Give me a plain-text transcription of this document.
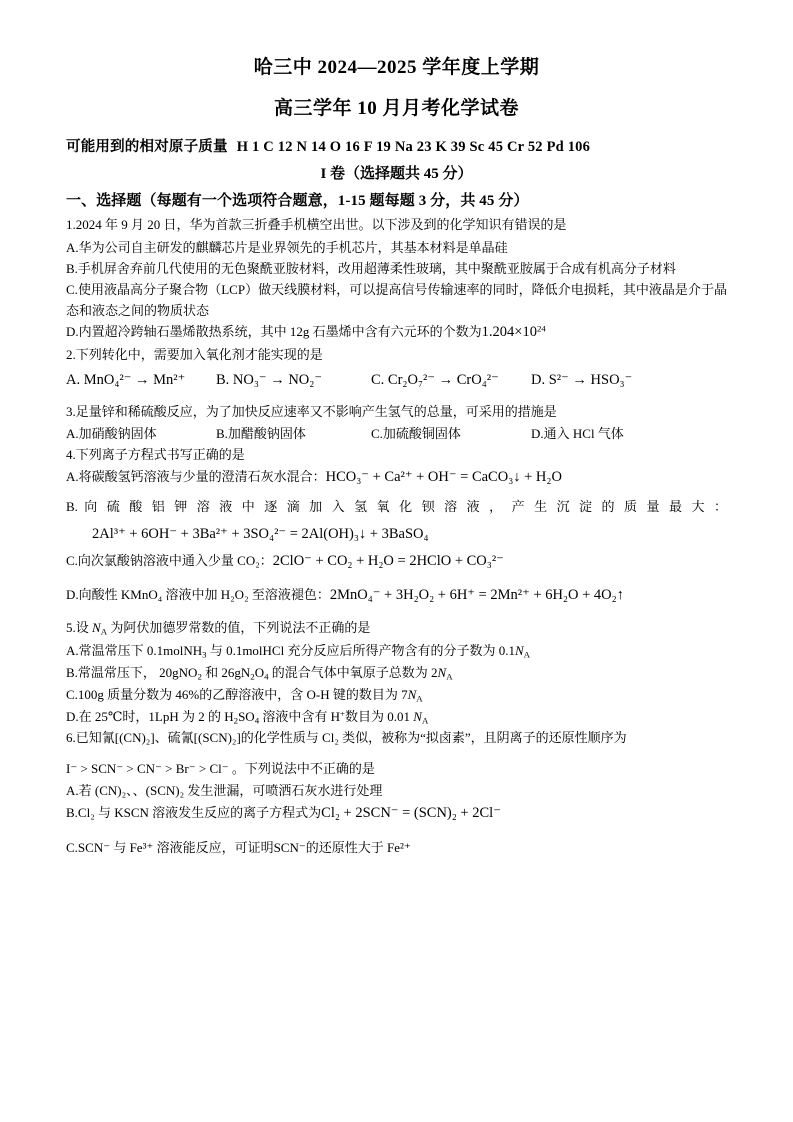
哈三中 2024—2025 学年度上学期
高三学年 10 月月考化学试卷
可能用到的相对原子质量 H 1 C 12 N 14 O 16 F 19 Na 23 K 39 Sc 45 Cr 52 Pd 106
I 卷（选择题共 45 分）
一、选择题（每题有一个选项符合题意，1-15 题每题 3 分，共 45 分）
1.2024 年 9 月 20 日，华为首款三折叠手机横空出世。以下涉及到的化学知识有错误的是
A.华为公司自主研发的麒麟芯片是业界领先的手机芯片，其基本材料是单晶硅
B.手机屏舍弃前几代使用的无色聚酰亚胺材料，改用超薄柔性玻璃，其中聚酰亚胺属于合成有机高分子材料
C.使用液晶高分子聚合物（LCP）做天线膜材料，可以提高信号传输速率的同时，降低介电损耗，其中液晶是介于晶态和液态之间的物质状态
D.内置超冷跨轴石墨烯散热系统，其中 12g 石墨烯中含有六元环的个数为$1.204\times 10^{24}$
2.下列转化中，需要加入氧化剂才能实现的是
A. MnO₄²⁻ → Mn²⁺	B. NO₃⁻ → NO₂⁻	C. Cr₂O₇²⁻ → CrO₄²⁻	D. S²⁻ → HSO₃⁻
3.足量锌和稀硫酸反应，为了加快反应速率又不影响产生氢气的总量，可采用的措施是
A.加硝酸钠固体	B.加醋酸钠固体	C.加硫酸铜固体	D.通入 HCl 气体
4.下列离子方程式书写正确的是
A.将碳酸氢钙溶液与少量的澄清石灰水混合：HCO₃⁻ + Ca²⁺ + OH⁻ = CaCO₃↓ + H₂O
B. 向 硫 酸 铝 钾 溶 液 中 逐 滴 加 入 氢 氧 化 钡 溶 液 ， 产 生 沉 淀 的 质 量 最 大 ：
2Al³⁺ + 6OH⁻ + 3Ba²⁺ + 3SO₄²⁻ = 2Al(OH)₃↓ + 3BaSO₄
C.向次氯酸钠溶液中通入少量 CO₂：2ClO⁻ + CO₂ + H₂O = 2HClO + CO₃²⁻
D.向酸性 KMnO₄ 溶液中加 H₂O₂ 至溶液褪色：2MnO₄⁻ + 3H₂O₂ + 6H⁺ = 2Mn²⁺ + 6H₂O + 4O₂↑
5.设 $N_A$ 为阿伏加德罗常数的值，下列说法不正确的是
A.常温常压下 0.1molNH$_3$ 与 0.1molHCl 充分反应后所得产物含有的分子数为 $0.1N_A$
B.常温常压下， 20gNO$_2$ 和 $26gN_2O_4$ 的混合气体中氧原子总数为 $2N_A$
C.100g 质量分数为 46%的乙醇溶液中，含 O-H 键的数目为 $7N_A$
D.在 25℃时，1LpH 为 2 的 $H_2SO_4$ 溶液中含有 H+数目为 0.01 $N_A$
6.已知氰[(CN)₂]、硫氰[(SCN)₂]的化学性质与 Cl₂ 类似，被称为“拟卤素”，且阴离子的还原性顺序为
I⁻ > SCN⁻ > CN⁻ > Br⁻ > Cl⁻ 。下列说法中不正确的是
A.若 (CN)₂、、(SCN)₂ 发生泄漏，可喷洒石灰水进行处理
B.Cl₂ 与 KSCN 溶液发生反应的离子方程式为Cl₂ + 2SCN⁻ = (SCN)₂ + 2Cl⁻
C.SCN⁻ 与 Fe³⁺ 溶液能反应，可证明SCN⁻的还原性大于 Fe²⁺
